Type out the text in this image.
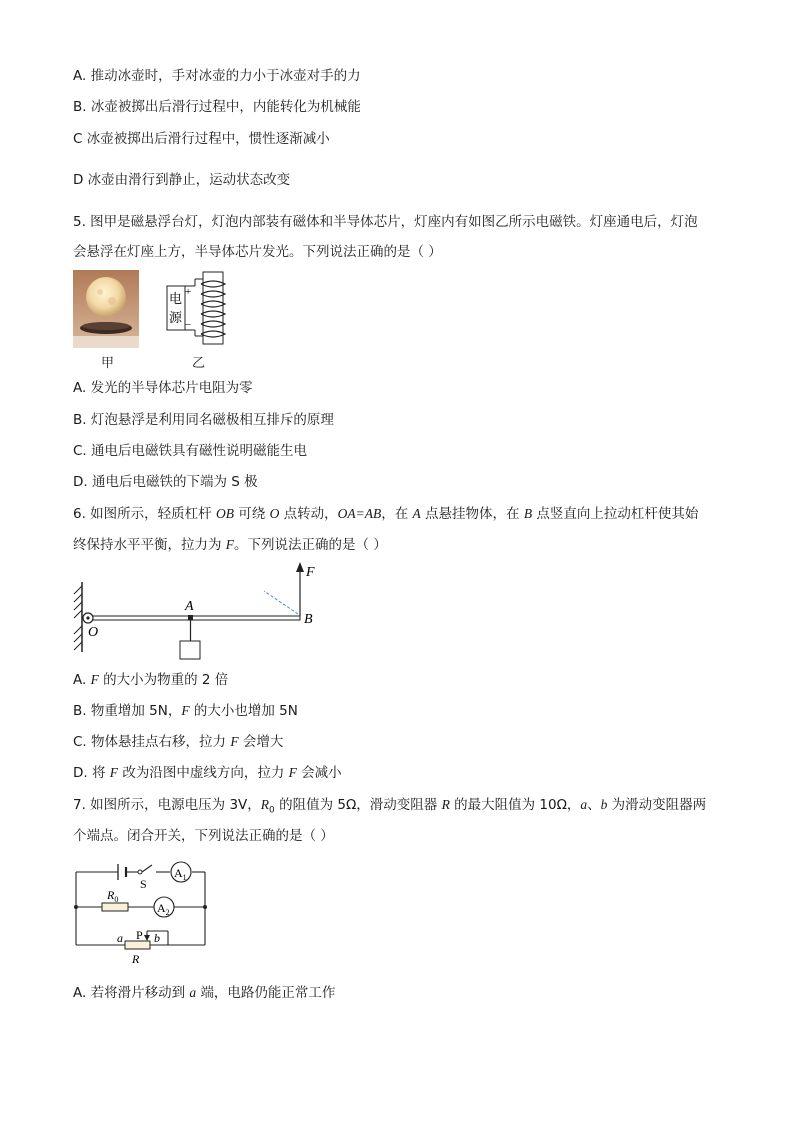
A. 推动冰壶时，手对冰壶的力小于冰壶对手的力
B. 冰壶被掷出后滑行过程中，内能转化为机械能
C 冰壶被掷出后滑行过程中，惯性逐渐减小
D 冰壶由滑行到静止，运动状态改变
5. 图甲是磁悬浮台灯，灯泡内部装有磁体和半导体芯片，灯座内有如图乙所示电磁铁。灯座通电后，灯泡
会悬浮在灯座上方，半导体芯片发光。下列说法正确的是（ ）
甲
电
源
+
−
乙
A. 发光的半导体芯片电阻为零
B. 灯泡悬浮是利用同名磁极相互排斥的原理
C. 通电后电磁铁具有磁性说明磁能生电
D. 通电后电磁铁的下端为 S 极
6. 如图所示，轻质杠杆 OB 可绕 O 点转动，OA=AB，在 A 点悬挂物体，在 B 点竖直向上拉动杠杆使其始
终保持水平平衡，拉力为 F。下列说法正确的是（ ）
F
A
B
O
A. F 的大小为物重的 2 倍
B. 物重增加 5N，F 的大小也增加 5N
C. 物体悬挂点右移，拉力 F 会增大
D. 将 F 改为沿图中虚线方向，拉力 F 会减小
7. 如图所示，电源电压为 3V，$R_0$ 的阻值为 5Ω，滑动变阻器 R 的最大阻值为 10Ω，a、b 为滑动变阻器两
个端点。闭合开关，下列说法正确的是（ ）
$A_1$
$A_2$
$R_0$
S
a P b
R
A. 若将滑片移动到 a 端，电路仍能正常工作
